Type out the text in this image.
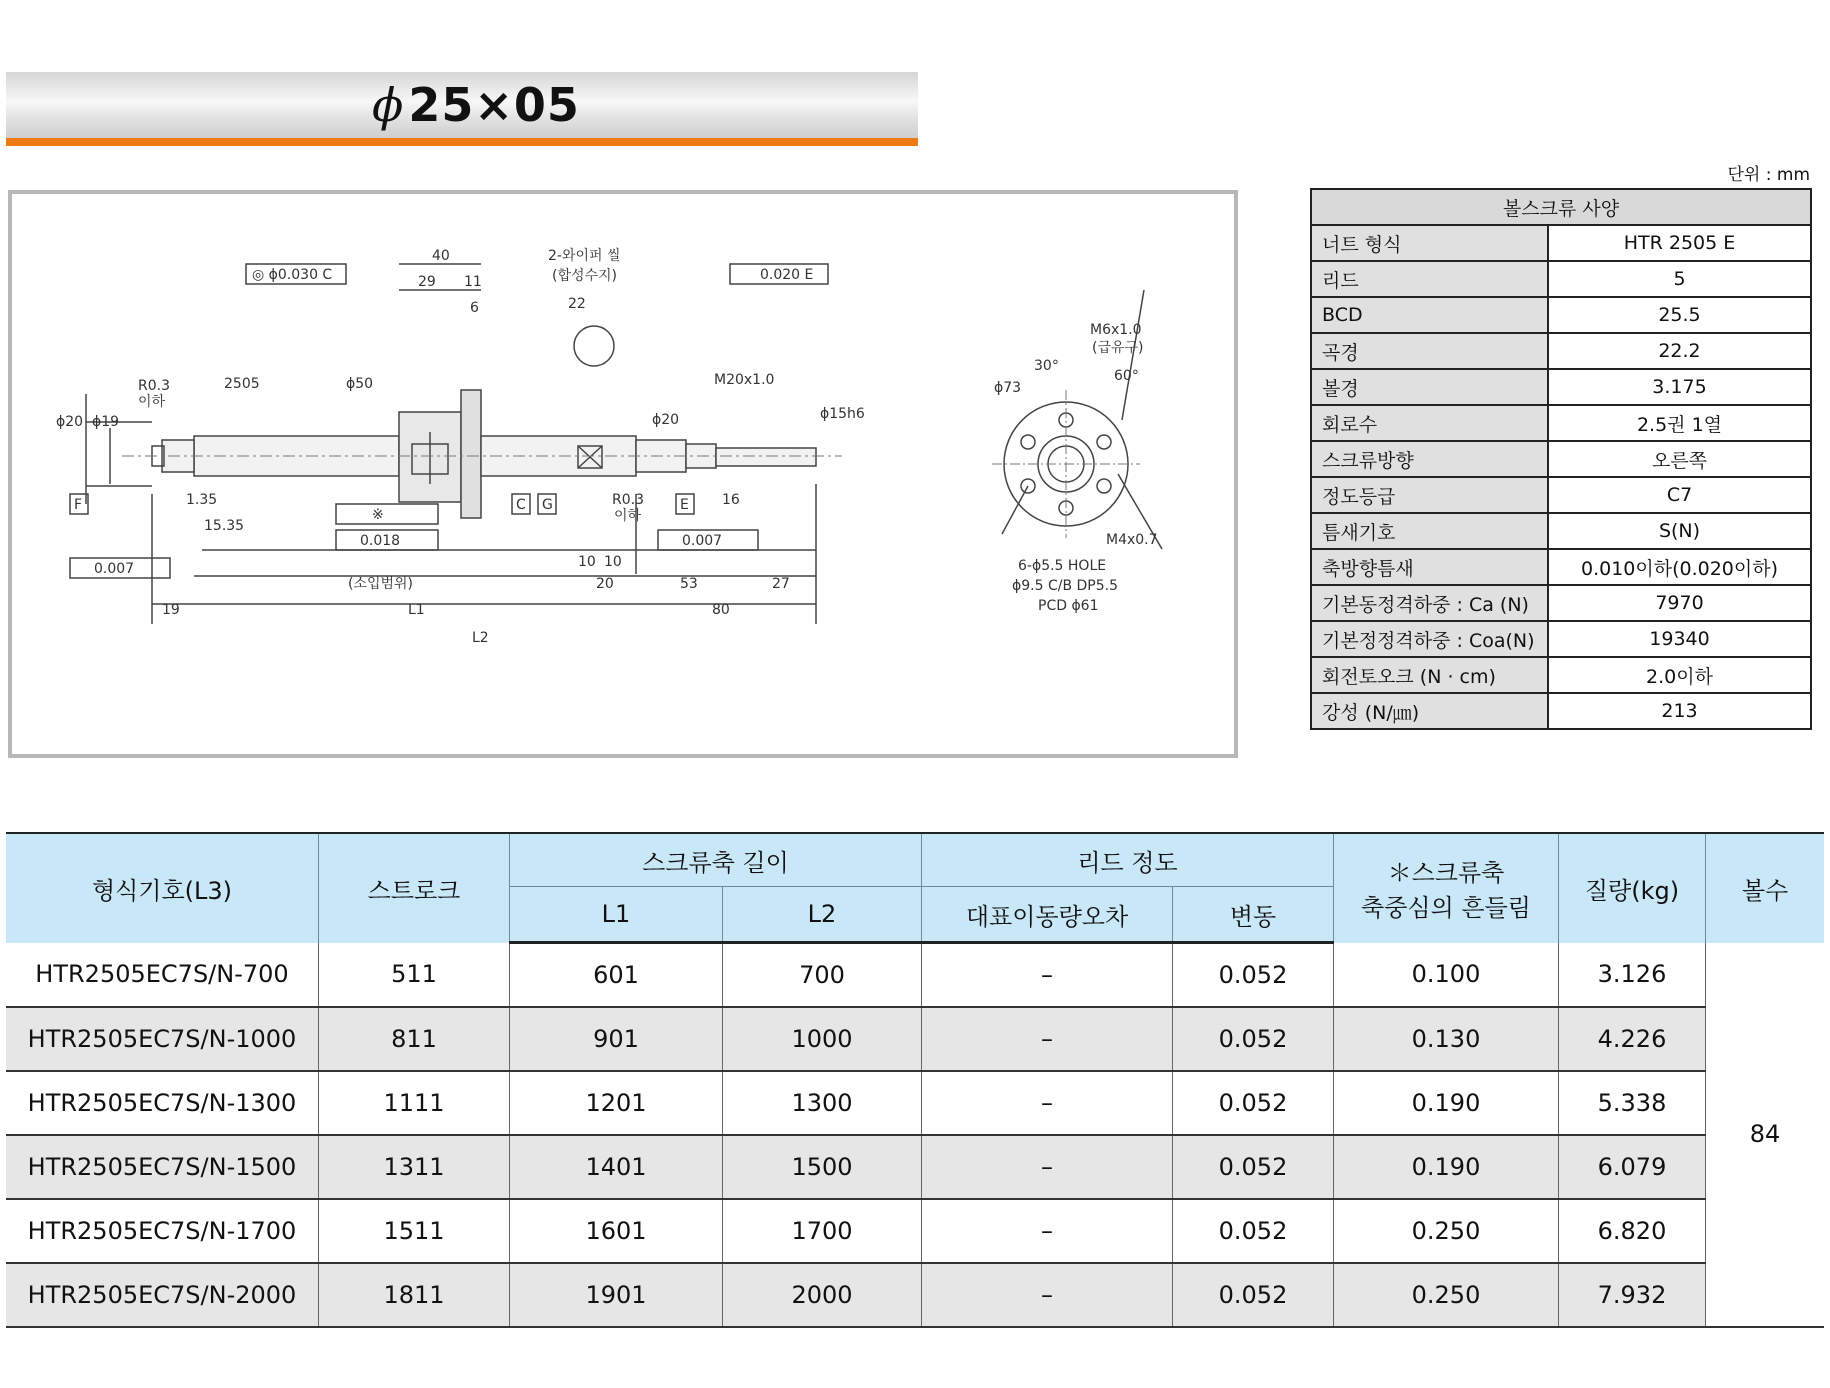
ϕ25×05
단위 : mm
◎ ϕ0.030 C	0.020 E
2-와이퍼 씰
(합성수지)
40
29 11
6	22
R0.3
이하
2505
ϕ20 ϕ19
ϕ50
ϕ20	ϕ15h6
M20x1.0
F	C G	E
1.35
15.35
※
0.018
R0.3
이하
16
0.007
0.007	10 10
(소입범위)	20	53	27
19	L1	80
L2
M6x1.0
(급유구)
30°
60°
ϕ73
M4x0.7
6-ϕ5.5 HOLE
ϕ9.5 C/B DP5.5
PCD ϕ61
볼스크류 사양	
너트 형식	HTR 2505 E
리드	5
BCD	25.5
곡경	22.2
볼경	3.175
회로수	2.5권 1열
스크류방향	오른쪽
정도등급	C7
틈새기호	S(N)
축방향틈새	0.010이하(0.020이하)
기본동정격하중 : Ca (N)	7970
기본정정격하중 : Coa(N)	19340
회전토오크 (N · cm)	2.0이하
강성 (N/㎛)	213
형식기호(L3)	스트로크	스크류축 길이		리드 정도		＊스크류축
축중심의 흔들림	질량(kg)	볼수
		L1	L2	대표이동량오차	변동			
HTR2505EC7S/N-700	511	601	700	–	0.052	0.100	3.126	84
HTR2505EC7S/N-1000	811	901	1000	–	0.052	0.130	4.226	
HTR2505EC7S/N-1300	1111	1201	1300	–	0.052	0.190	5.338	
HTR2505EC7S/N-1500	1311	1401	1500	–	0.052	0.190	6.079	
HTR2505EC7S/N-1700	1511	1601	1700	–	0.052	0.250	6.820	
HTR2505EC7S/N-2000	1811	1901	2000	–	0.052	0.250	7.932	
